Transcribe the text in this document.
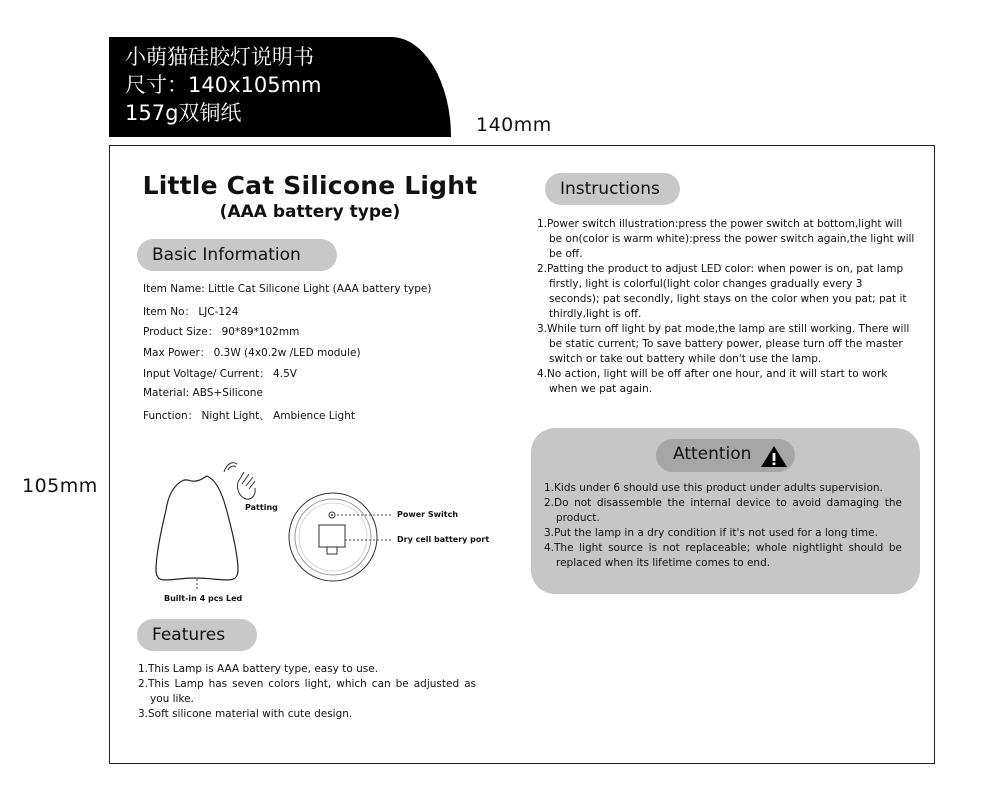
小萌猫硅胶灯说明书
尺寸：140x105mm
157g双铜纸	140mm
105mm
Little Cat Silicone Light
(AAA battery type)
Basic Information
Item Name: Little Cat Silicone Light (AAA battery type)
Item No： LJC-124
Product Size： 90*89*102mm
Max Power： 0.3W (4x0.2w /LED module)
Input Voltage/ Current： 4.5V
Material: ABS+Silicone
Function： Night Light、 Ambience Light
Patting
Built-in 4 pcs Led
Power Switch
Dry cell battery port
Features
1.This Lamp is AAA battery type, easy to use.
2.This Lamp has seven colors light, which can be adjusted as you like.
3.Soft silicone material with cute design.
Instructions
1.Power switch illustration:press the power switch at bottom,light will be on(color is warm white):press the power switch again,the light will be off.
2.Patting the product to adjust LED color: when power is on, pat lamp firstly, light is colorful(light color changes gradually every 3 seconds); pat secondly, light stays on the color when you pat; pat it thirdly,light is off.
3.While turn off light by pat mode,the lamp are still working. There will be static current; To save battery power, please turn off the master switch or take out battery while don't use the lamp.
4.No action, light will be off after one hour, and it will start to work when we pat again.
Attention
1.Kids under 6 should use this product under adults supervision.
2.Do not disassemble the internal device to avoid damaging the product.
3.Put the lamp in a dry condition if it's not used for a long time.
4.The light source is not replaceable; whole nightlight should be replaced when its lifetime comes to end.
